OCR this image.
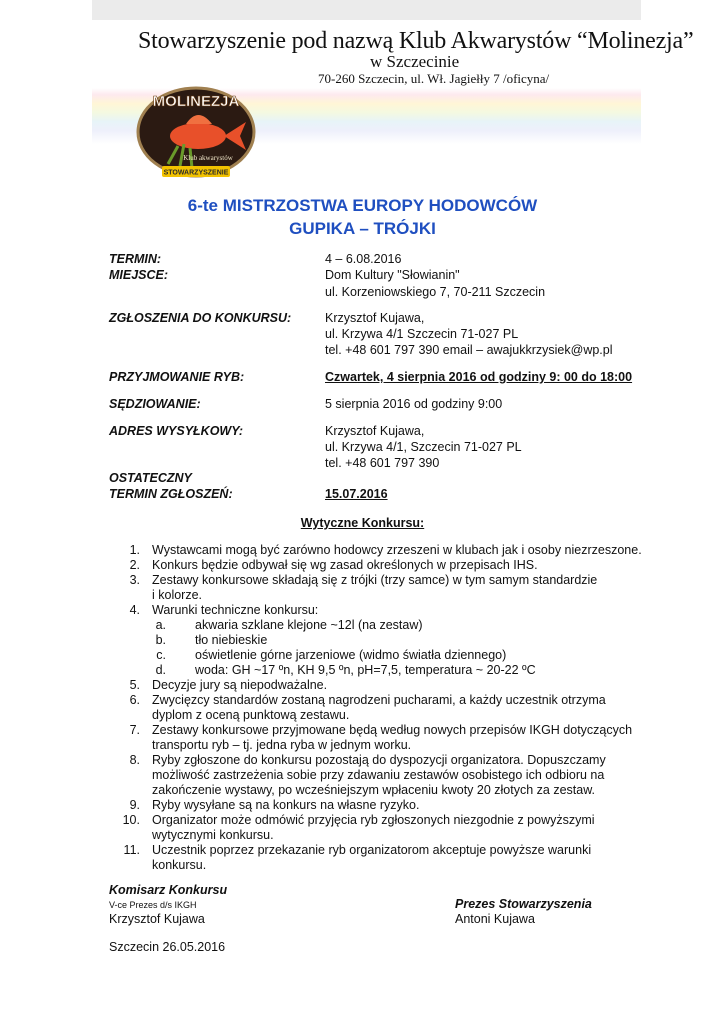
Stowarzyszenie pod nazwą Klub Akwarystów “Molinezja”
w Szczecinie
70-260 Szczecin, ul. Wł. Jagiełły 7 /oficyna/
MOLINEZJA
Klub akwarystów
STOWARZYSZENIE
6-te MISTRZOSTWA EUROPY HODOWCÓW
GUPIKA – TRÓJKI
TERMIN:	4 – 6.08.2016
MIEJSCE:	Dom Kultury "Słowianin"
ul. Korzeniowskiego 7, 70-211 Szczecin
ZGŁOSZENIA DO KONKURSU:	Krzysztof Kujawa,
ul. Krzywa 4/1 Szczecin 71-027 PL
tel. +48 601 797 390 email – awajukkrzysiek@wp.pl
PRZYJMOWANIE RYB:	Czwartek, 4 sierpnia 2016 od godziny 9: 00 do 18:00
SĘDZIOWANIE:	5 sierpnia 2016 od godziny 9:00
ADRES WYSYŁKOWY:	Krzysztof Kujawa,
ul. Krzywa 4/1, Szczecin 71-027 PL
tel. +48 601 797 390
OSTATECZNY
TERMIN ZGŁOSZEŃ:	15.07.2016
Wytyczne Konkursu:
1. Wystawcami mogą być zarówno hodowcy zrzeszeni w klubach jak i osoby niezrzeszone.
2. Konkurs będzie odbywał się wg zasad określonych w przepisach IHS.
3. Zestawy konkursowe składają się z trójki (trzy samce) w tym samym standardzie
i kolorze.
4. Warunki techniczne konkursu:
a. akwaria szklane klejone ~12l (na zestaw)
b. tło niebieskie
c. oświetlenie górne jarzeniowe (widmo światła dziennego)
d. woda: GH ~17 ºn, KH 9,5 ºn, pH=7,5, temperatura ~ 20-22 ºC
5. Decyzje jury są niepodważalne.
6. Zwycięzcy standardów zostaną nagrodzeni pucharami, a każdy uczestnik otrzyma
dyplom z oceną punktową zestawu.
7. Zestawy konkursowe przyjmowane będą według nowych przepisów IKGH dotyczących
transportu ryb – tj. jedna ryba w jednym worku.
8. Ryby zgłoszone do konkursu pozostają do dyspozycji organizatora. Dopuszczamy
możliwość zastrzeżenia sobie przy zdawaniu zestawów osobistego ich odbioru na
zakończenie wystawy, po wcześniejszym wpłaceniu kwoty 20 złotych za zestaw.
9. Ryby wysyłane są na konkurs na własne ryzyko.
10. Organizator może odmówić przyjęcia ryb zgłoszonych niezgodnie z powyższymi
wytycznymi konkursu.
11. Uczestnik poprzez przekazanie ryb organizatorom akceptuje powyższe warunki
konkursu.
Komisarz Konkursu
V-ce Prezes d/s IKGH
Krzysztof Kujawa
Prezes Stowarzyszenia
Antoni Kujawa
Szczecin 26.05.2016
